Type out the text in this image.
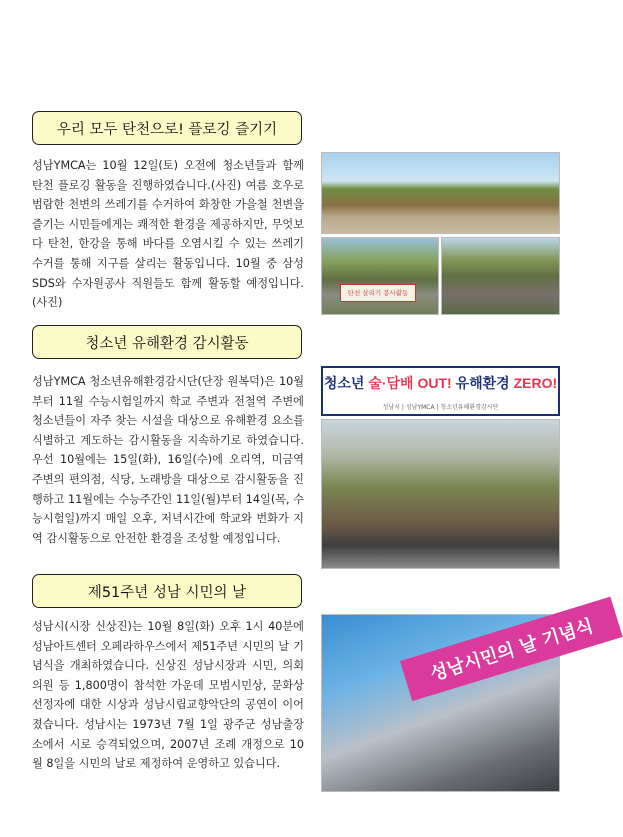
우리 모두 탄천으로! 플로깅 즐기기

성남YMCA는 10월 12일(토) 오전에 청소년들과 함께 탄천 플로깅 활동을 진행하였습니다.(사진) 여름 호우로 범람한 천변의 쓰레기를 수거하여 화창한 가을철 천변을 즐기는 시민들에게는 쾌적한 환경을 제공하지만, 무엇보다 탄천, 한강을 통해 바다를 오염시킬 수 있는 쓰레기 수거를 통해 지구를 살리는 활동입니다. 10월 중 삼성SDS와 수자원공사 직원들도 함께 활동할 예정입니다.(사진)

탄천 살리기 봉사활동
청소년 유해환경 감시활동

성남YMCA 청소년유해환경감시단(단장 원복덕)은 10월부터 11월 수능시험일까지 학교 주변과 전철역 주변에 청소년들이 자주 찾는 시설을 대상으로 유해환경 요소를 식별하고 계도하는 감시활동을 지속하기로 하였습니다. 우선 10월에는 15일(화), 16일(수)에 오리역, 미금역 주변의 편의점, 식당, 노래방을 대상으로 감시활동을 진행하고 11월에는 수능주간인 11일(월)부터 14일(목, 수능시험일)까지 매일 오후, 저녁시간에 학교와 번화가 지역 감시활동으로 안전한 환경을 조성할 예정입니다.

청소년 술·담배 OUT! 유해환경 ZERO!
성남시 | 성남YMCA | 청소년유해환경감시단
제51주년 성남 시민의 날

성남시(시장 신상진)는 10월 8일(화) 오후 1시 40분에 성남아트센터 오페라하우스에서 제51주년 시민의 날 기념식을 개최하였습니다. 신상진 성남시장과 시민, 의회 의원 등 1,800명이 참석한 가운데 모범시민상, 문화상 선정자에 대한 시상과 성남시립교향악단의 공연이 이어졌습니다. 성남시는 1973년 7월 1일 광주군 성남출장소에서 시로 승격되었으며, 2007년 조례 개정으로 10월 8일을 시민의 날로 제정하여 운영하고 있습니다.

성남시민의 날 기념식
